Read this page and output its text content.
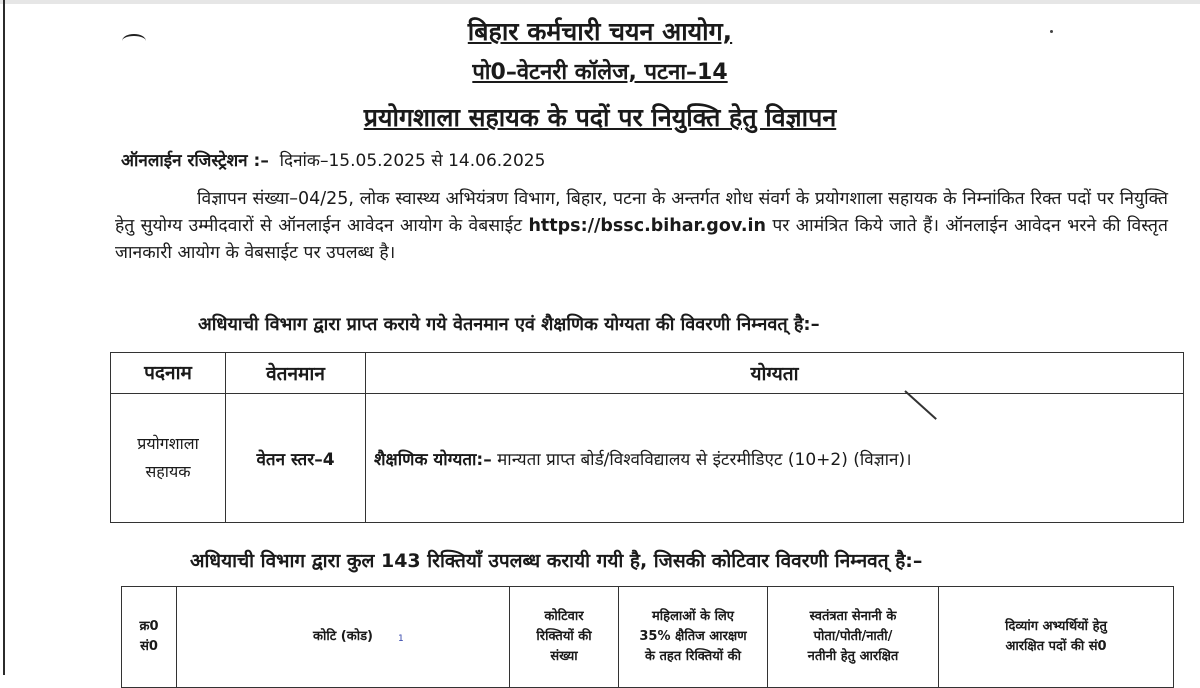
बिहार कर्मचारी चयन आयोग,
पो0–वेटनरी कॉलेज, पटना–14
प्रयोगशाला सहायक के पदों पर नियुक्ति हेतु विज्ञापन
ऑनलाईन रजिस्ट्रेशन :– दिनांक–15.05.2025 से 14.06.2025
विज्ञापन संख्या–04/25, लोक स्वास्थ्य अभियंत्रण विभाग, बिहार, पटना के अन्तर्गत शोध संवर्ग के प्रयोगशाला सहायक के निम्नांकित रिक्त पदों पर नियुक्ति हेतु सुयोग्य उम्मीदवारों से ऑनलाईन आवेदन आयोग के वेबसाईट https://bssc.bihar.gov.in पर आमंत्रित किये जाते हैं। ऑनलाईन आवेदन भरने की विस्तृत जानकारी आयोग के वेबसाईट पर उपलब्ध है।
अधियाची विभाग द्वारा प्राप्त कराये गये वेतनमान एवं शैक्षणिक योग्यता की विवरणी निम्नवत् है:–
पदनाम	वेतनमान	योग्यता
प्रयोगशाला
सहायक	वेतन स्तर–4	शैक्षणिक योग्यता:– मान्यता प्राप्त बोर्ड/विश्वविद्यालय से इंटरमीडिएट (10+2) (विज्ञान)।
अधियाची विभाग द्वारा कुल 143 रिक्तियाँ उपलब्ध करायी गयी है, जिसकी कोटिवार विवरणी निम्नवत् है:–
क्र0
सं0	कोटि (कोड)	कोटिवार
रिक्तियों की
संख्या	महिलाओं के लिए
35% क्षैतिज आरक्षण
के तहत रिक्तियों की	स्वतंत्रता सेनानी के
पोता/पोती/नाती/
नतीनी हेतु आरक्षित	दिव्यांग अभ्यर्थियों हेतु
आरक्षित पदों की सं0
1
